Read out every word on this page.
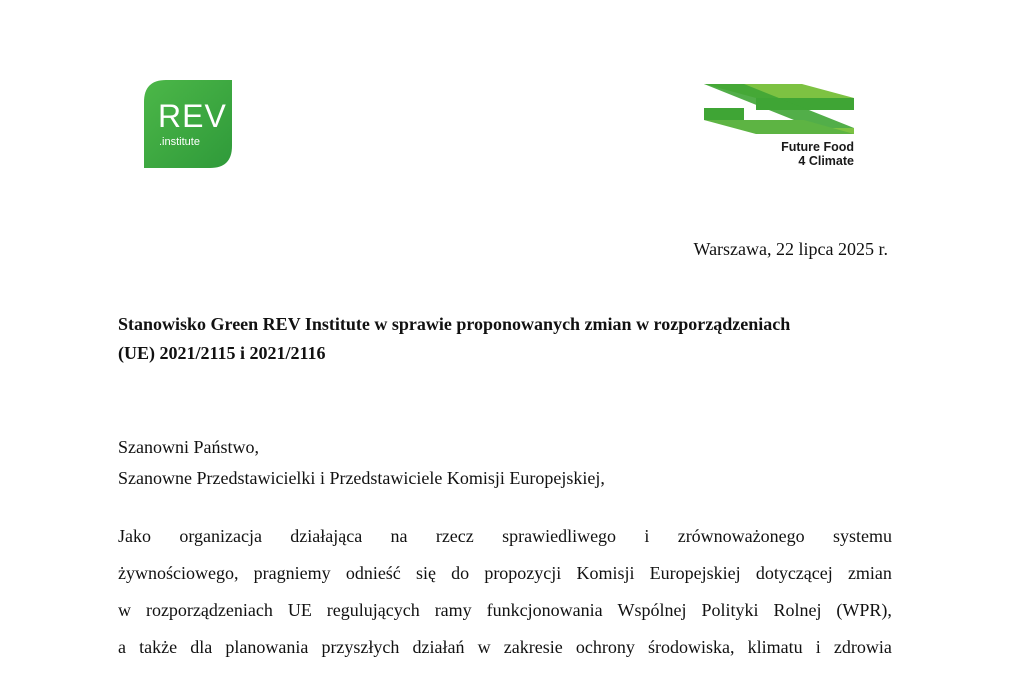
REV
.institute	Future Food
4 Climate
Warszawa, 22 lipca 2025 r.
Stanowisko Green REV Institute w sprawie proponowanych zmian w rozporządzeniach
(UE) 2021/2115 i 2021/2116
Szanowni Państwo,
Szanowne Przedstawicielki i Przedstawiciele Komisji Europejskiej,
Jako organizacja działająca na rzecz sprawiedliwego i zrównoważonego systemu
żywnościowego, pragniemy odnieść się do propozycji Komisji Europejskiej dotyczącej zmian
w rozporządzeniach UE regulujących ramy funkcjonowania Wspólnej Polityki Rolnej (WPR),
a także dla planowania przyszłych działań w zakresie ochrony środowiska, klimatu i zdrowia
